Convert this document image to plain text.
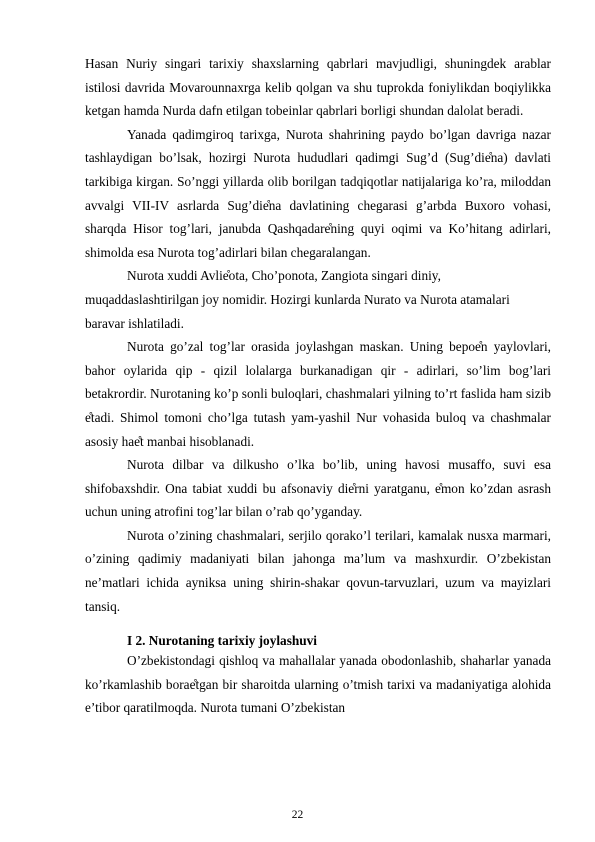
Hasan Nuriy singari tarixiy shaxslarning qabrlari mavjudligi, shuningdek arablar istilosi davrida Movarounnaxrga kelib qolgan va shu tuprokda foniylikdan boqiylikka ketgan hamda Nurda dafn etilgan tobeinlar qabrlari borligi shundan dalolat beradi.

Yanada qadimgiroq tarixga, Nurota shahrining paydo bo’lgan davriga nazar tashlaydigan bo’lsak, hozirgi Nurota hududlari qadimgi Sug’d (Sug’die̊na) davlati tarkibiga kirgan. So’nggi yillarda olib borilgan tadqiqotlar natijalariga ko’ra, miloddan avvalgi VII-IV asrlarda Sug’die̊na davlatining chegarasi g’arbda Buxoro vohasi, sharqda Hisor tog’lari, janubda Qashqadare̊ning quyi oqimi va Ko’hitang adirlari, shimolda esa Nurota tog’adirlari bilan chegaralangan.

Nurota xuddi Avlie̊ota, Cho’ponota, Zangiota singari diniy, muqaddaslashtirilgan joy nomidir. Hozirgi kunlarda Nurato va Nurota atamalari baravar ishlatiladi.

Nurota go’zal tog’lar orasida joylashgan maskan. Uning bepoe̊n yaylovlari, bahor oylarida qip - qizil lolalarga burkanadigan qir - adirlari, so’lim bog’lari betakrordir. Nurotaning ko’p sonli buloqlari, chashmalari yilning to’rt faslida ham sizib e̊tadi. Shimol tomoni cho’lga tutash yam-yashil Nur vohasida buloq va chashmalar asosiy hae̊t manbai hisoblanadi.

Nurota dilbar va dilkusho o’lka bo’lib, uning havosi musaffo, suvi esa shifobaxshdir. Ona tabiat xuddi bu afsonaviy die̊rni yaratganu, e̊mon ko’zdan asrash uchun uning atrofini tog’lar bilan o’rab qo’yganday.

Nurota o’zining chashmalari, serjilo qorako’l terilari, kamalak nusxa marmari, o’zining qadimiy madaniyati bilan jahonga ma’lum va mashxurdir. O’zbekistan ne’matlari ichida ayniksa uning shirin-shakar qovun-tarvuzlari, uzum va mayizlari tansiq.

I 2. Nurotaning tarixiy joylashuvi

O’zbekistondagi qishloq va mahallalar yanada obodonlashib, shaharlar yanada ko’rkamlashib borae̊tgan bir sharoitda ularning o’tmish tarixi va madaniyatiga alohida e’tibor qaratilmoqda. Nurota tumani O’zbekistan

22
